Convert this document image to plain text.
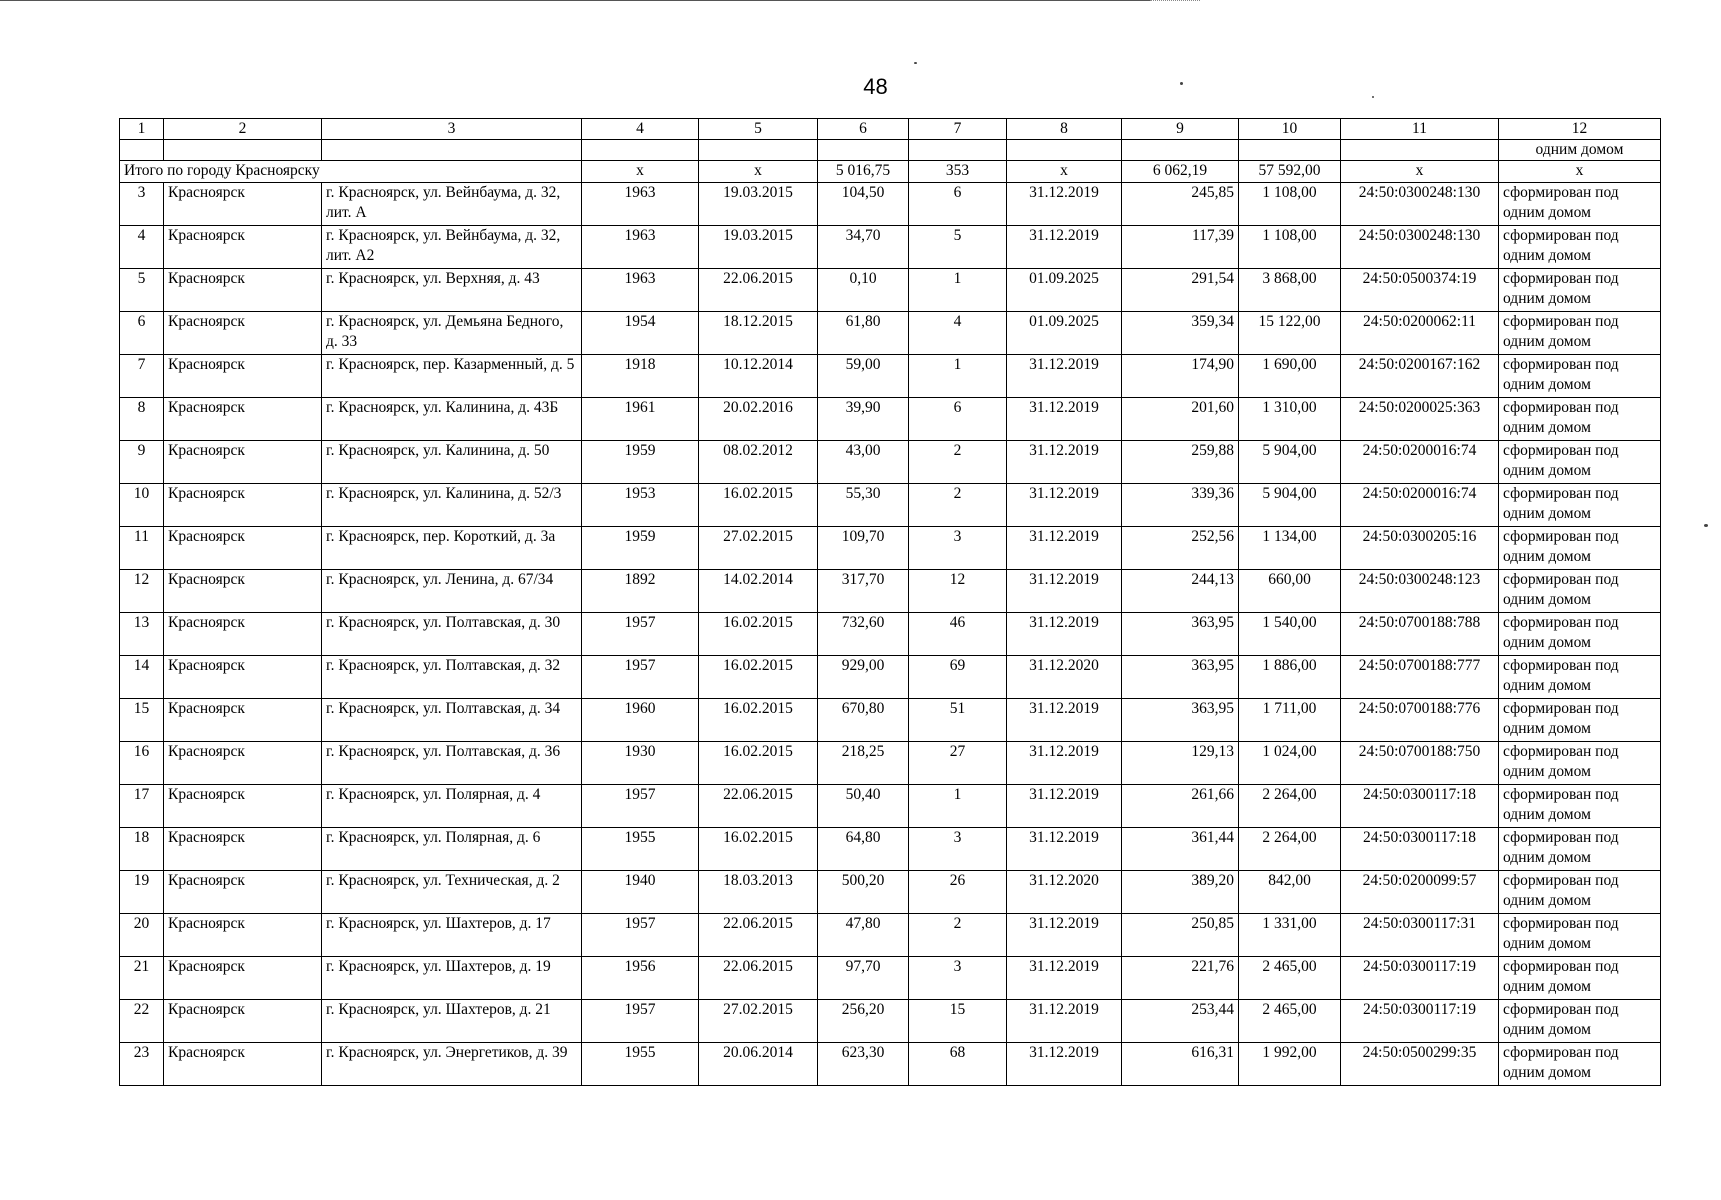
48
1	2	3	4	5	6	7	8	9	10	11	12
											одним домом
Итого по городу Красноярску			х	х	5 016,75	353	х	6 062,19	57 592,00	х	х
3	Красноярск	г. Красноярск, ул. Вейнбаума, д. 32, лит. А	1963	19.03.2015	104,50	6	31.12.2019	245,85	1 108,00	24:50:0300248:130	сформирован под одним домом
4	Красноярск	г. Красноярск, ул. Вейнбаума, д. 32, лит. А2	1963	19.03.2015	34,70	5	31.12.2019	117,39	1 108,00	24:50:0300248:130	сформирован под одним домом
5	Красноярск	г. Красноярск, ул. Верхняя, д. 43	1963	22.06.2015	0,10	1	01.09.2025	291,54	3 868,00	24:50:0500374:19	сформирован под одним домом
6	Красноярск	г. Красноярск, ул. Демьяна Бедного, д. 33	1954	18.12.2015	61,80	4	01.09.2025	359,34	15 122,00	24:50:0200062:11	сформирован под одним домом
7	Красноярск	г. Красноярск, пер. Казарменный, д. 5	1918	10.12.2014	59,00	1	31.12.2019	174,90	1 690,00	24:50:0200167:162	сформирован под одним домом
8	Красноярск	г. Красноярск, ул. Калинина, д. 43Б	1961	20.02.2016	39,90	6	31.12.2019	201,60	1 310,00	24:50:0200025:363	сформирован под одним домом
9	Красноярск	г. Красноярск, ул. Калинина, д. 50	1959	08.02.2012	43,00	2	31.12.2019	259,88	5 904,00	24:50:0200016:74	сформирован под одним домом
10	Красноярск	г. Красноярск, ул. Калинина, д. 52/3	1953	16.02.2015	55,30	2	31.12.2019	339,36	5 904,00	24:50:0200016:74	сформирован под одним домом
11	Красноярск	г. Красноярск, пер. Короткий, д. 3а	1959	27.02.2015	109,70	3	31.12.2019	252,56	1 134,00	24:50:0300205:16	сформирован под одним домом
12	Красноярск	г. Красноярск, ул. Ленина, д. 67/34	1892	14.02.2014	317,70	12	31.12.2019	244,13	660,00	24:50:0300248:123	сформирован под одним домом
13	Красноярск	г. Красноярск, ул. Полтавская, д. 30	1957	16.02.2015	732,60	46	31.12.2019	363,95	1 540,00	24:50:0700188:788	сформирован под одним домом
14	Красноярск	г. Красноярск, ул. Полтавская, д. 32	1957	16.02.2015	929,00	69	31.12.2020	363,95	1 886,00	24:50:0700188:777	сформирован под одним домом
15	Красноярск	г. Красноярск, ул. Полтавская, д. 34	1960	16.02.2015	670,80	51	31.12.2019	363,95	1 711,00	24:50:0700188:776	сформирован под одним домом
16	Красноярск	г. Красноярск, ул. Полтавская, д. 36	1930	16.02.2015	218,25	27	31.12.2019	129,13	1 024,00	24:50:0700188:750	сформирован под одним домом
17	Красноярск	г. Красноярск, ул. Полярная, д. 4	1957	22.06.2015	50,40	1	31.12.2019	261,66	2 264,00	24:50:0300117:18	сформирован под одним домом
18	Красноярск	г. Красноярск, ул. Полярная, д. 6	1955	16.02.2015	64,80	3	31.12.2019	361,44	2 264,00	24:50:0300117:18	сформирован под одним домом
19	Красноярск	г. Красноярск, ул. Техническая, д. 2	1940	18.03.2013	500,20	26	31.12.2020	389,20	842,00	24:50:0200099:57	сформирован под одним домом
20	Красноярск	г. Красноярск, ул. Шахтеров, д. 17	1957	22.06.2015	47,80	2	31.12.2019	250,85	1 331,00	24:50:0300117:31	сформирован под одним домом
21	Красноярск	г. Красноярск, ул. Шахтеров, д. 19	1956	22.06.2015	97,70	3	31.12.2019	221,76	2 465,00	24:50:0300117:19	сформирован под одним домом
22	Красноярск	г. Красноярск, ул. Шахтеров, д. 21	1957	27.02.2015	256,20	15	31.12.2019	253,44	2 465,00	24:50:0300117:19	сформирован под одним домом
23	Красноярск	г. Красноярск, ул. Энергетиков, д. 39	1955	20.06.2014	623,30	68	31.12.2019	616,31	1 992,00	24:50:0500299:35	сформирован под одним домом
